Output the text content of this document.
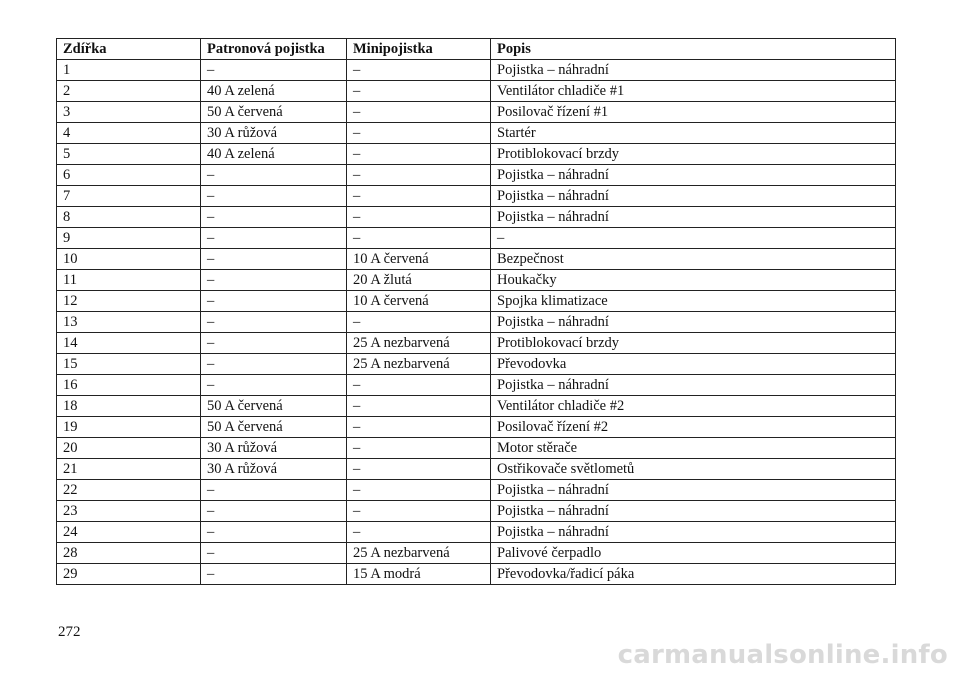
Zdířka	Patronová pojistka	Minipojistka	Popis
1	–	–	Pojistka – náhradní
2	40 A zelená	–	Ventilátor chladiče #1
3	50 A červená	–	Posilovač řízení #1
4	30 A růžová	–	Startér
5	40 A zelená	–	Protiblokovací brzdy
6	–	–	Pojistka – náhradní
7	–	–	Pojistka – náhradní
8	–	–	Pojistka – náhradní
9	–	–	–
10	–	10 A červená	Bezpečnost
11	–	20 A žlutá	Houkačky
12	–	10 A červená	Spojka klimatizace
13	–	–	Pojistka – náhradní
14	–	25 A nezbarvená	Protiblokovací brzdy
15	–	25 A nezbarvená	Převodovka
16	–	–	Pojistka – náhradní
18	50 A červená	–	Ventilátor chladiče #2
19	50 A červená	–	Posilovač řízení #2
20	30 A růžová	–	Motor stěrače
21	30 A růžová	–	Ostřikovače světlometů
22	–	–	Pojistka – náhradní
23	–	–	Pojistka – náhradní
24	–	–	Pojistka – náhradní
28	–	25 A nezbarvená	Palivové čerpadlo
29	–	15 A modrá	Převodovka/řadicí páka
272
carmanualsonline.info
